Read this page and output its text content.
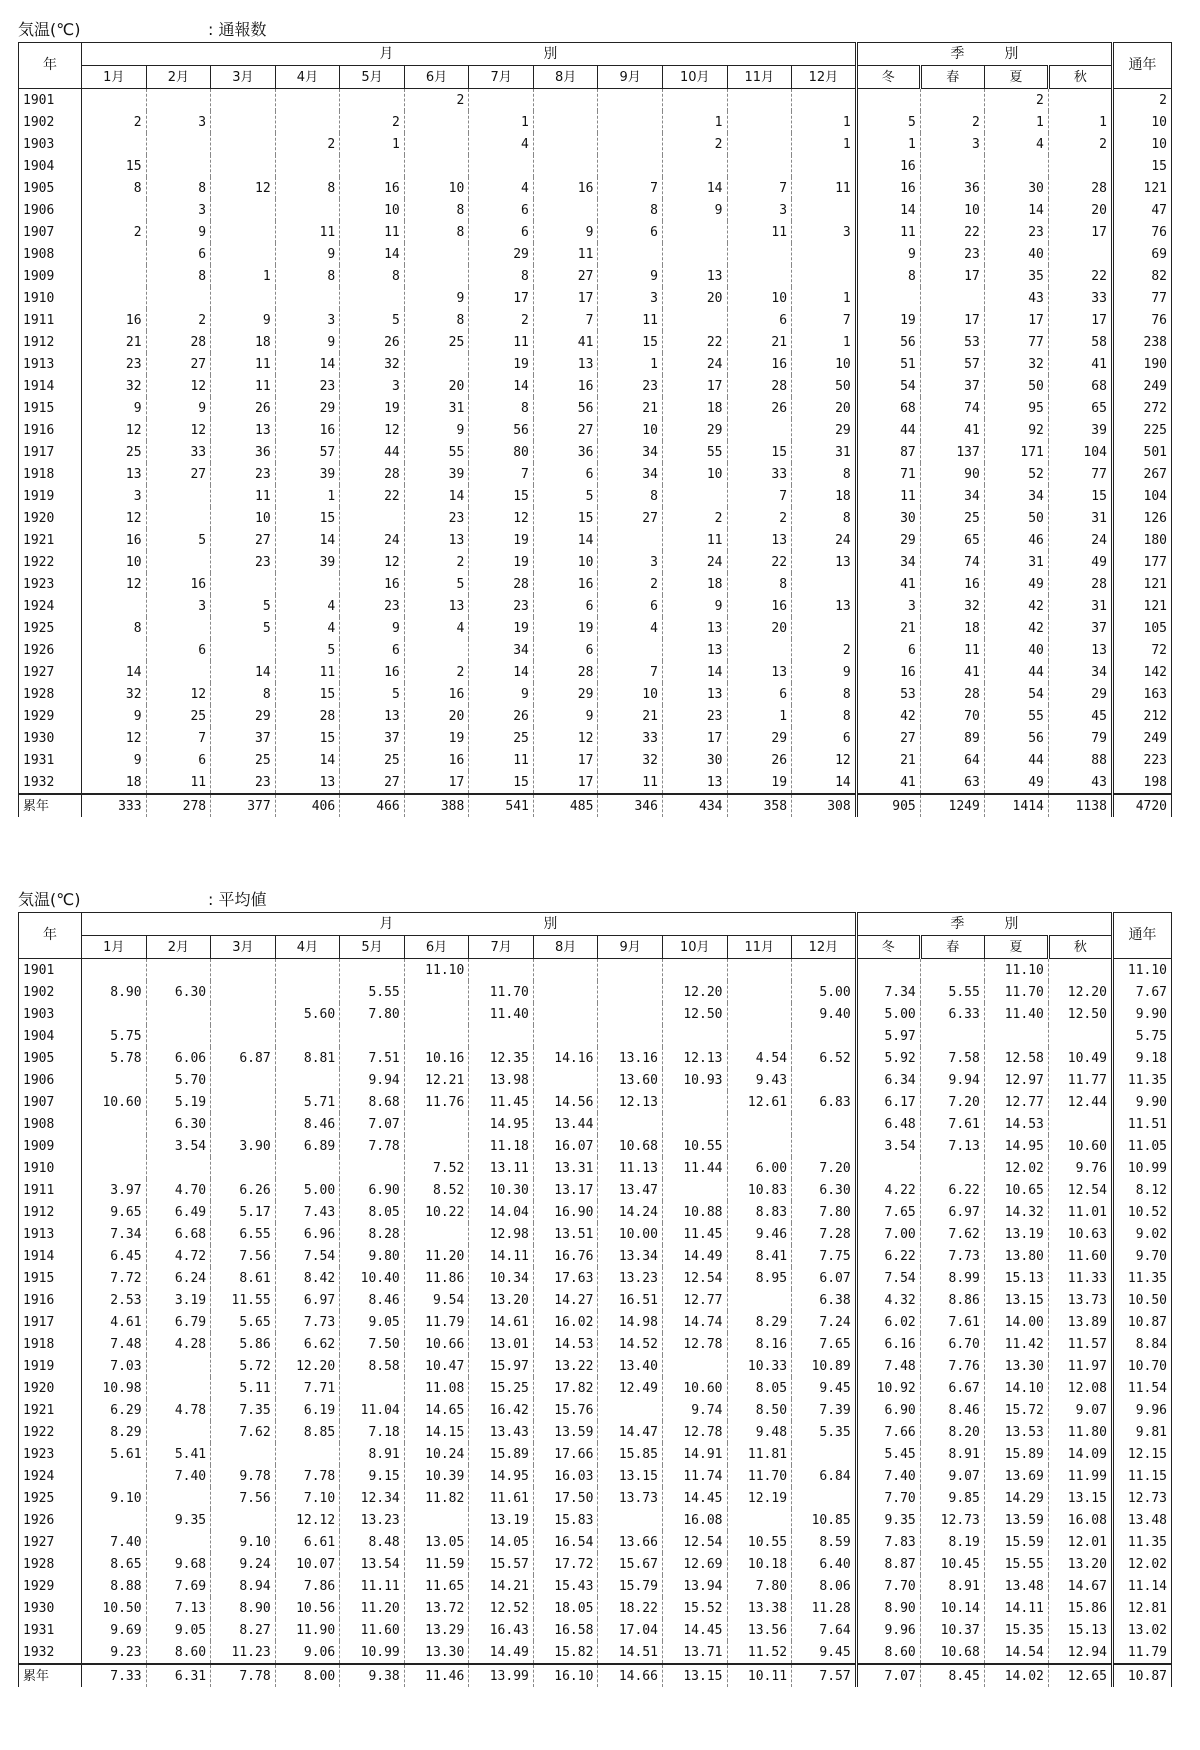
気温(℃)	: 通報数
年	月 別												季 別				通年
	1月	2月	3月	4月	5月	6月	7月	8月	9月	10月	11月	12月	冬	春	夏	秋	
1901						2									2		2
1902	2	3			2		1			1		1	5	2	1	1	10
1903				2	1		4			2		1	1	3	4	2	10
1904	15												16				15
1905	8	8	12	8	16	10	4	16	7	14	7	11	16	36	30	28	121
1906		3			10	8	6		8	9	3		14	10	14	20	47
1907	2	9		11	11	8	6	9	6		11	3	11	22	23	17	76
1908		6		9	14		29	11					9	23	40		69
1909		8	1	8	8		8	27	9	13			8	17	35	22	82
1910						9	17	17	3	20	10	1			43	33	77
1911	16	2	9	3	5	8	2	7	11		6	7	19	17	17	17	76
1912	21	28	18	9	26	25	11	41	15	22	21	1	56	53	77	58	238
1913	23	27	11	14	32		19	13	1	24	16	10	51	57	32	41	190
1914	32	12	11	23	3	20	14	16	23	17	28	50	54	37	50	68	249
1915	9	9	26	29	19	31	8	56	21	18	26	20	68	74	95	65	272
1916	12	12	13	16	12	9	56	27	10	29		29	44	41	92	39	225
1917	25	33	36	57	44	55	80	36	34	55	15	31	87	137	171	104	501
1918	13	27	23	39	28	39	7	6	34	10	33	8	71	90	52	77	267
1919	3		11	1	22	14	15	5	8		7	18	11	34	34	15	104
1920	12		10	15		23	12	15	27	2	2	8	30	25	50	31	126
1921	16	5	27	14	24	13	19	14		11	13	24	29	65	46	24	180
1922	10		23	39	12	2	19	10	3	24	22	13	34	74	31	49	177
1923	12	16			16	5	28	16	2	18	8		41	16	49	28	121
1924		3	5	4	23	13	23	6	6	9	16	13	3	32	42	31	121
1925	8		5	4	9	4	19	19	4	13	20		21	18	42	37	105
1926		6		5	6		34	6		13		2	6	11	40	13	72
1927	14		14	11	16	2	14	28	7	14	13	9	16	41	44	34	142
1928	32	12	8	15	5	16	9	29	10	13	6	8	53	28	54	29	163
1929	9	25	29	28	13	20	26	9	21	23	1	8	42	70	55	45	212
1930	12	7	37	15	37	19	25	12	33	17	29	6	27	89	56	79	249
1931	9	6	25	14	25	16	11	17	32	30	26	12	21	64	44	88	223
1932	18	11	23	13	27	17	15	17	11	13	19	14	41	63	49	43	198
累年	333	278	377	406	466	388	541	485	346	434	358	308	905	1249	1414	1138	4720
気温(℃)	: 平均値
年	月 別												季 別				通年
	1月	2月	3月	4月	5月	6月	7月	8月	9月	10月	11月	12月	冬	春	夏	秋	
1901						11.10									11.10		11.10
1902	8.90	6.30			5.55		11.70			12.20		5.00	7.34	5.55	11.70	12.20	7.67
1903				5.60	7.80		11.40			12.50		9.40	5.00	6.33	11.40	12.50	9.90
1904	5.75												5.97				5.75
1905	5.78	6.06	6.87	8.81	7.51	10.16	12.35	14.16	13.16	12.13	4.54	6.52	5.92	7.58	12.58	10.49	9.18
1906		5.70			9.94	12.21	13.98		13.60	10.93	9.43		6.34	9.94	12.97	11.77	11.35
1907	10.60	5.19		5.71	8.68	11.76	11.45	14.56	12.13		12.61	6.83	6.17	7.20	12.77	12.44	9.90
1908		6.30		8.46	7.07		14.95	13.44					6.48	7.61	14.53		11.51
1909		3.54	3.90	6.89	7.78		11.18	16.07	10.68	10.55			3.54	7.13	14.95	10.60	11.05
1910						7.52	13.11	13.31	11.13	11.44	6.00	7.20			12.02	9.76	10.99
1911	3.97	4.70	6.26	5.00	6.90	8.52	10.30	13.17	13.47		10.83	6.30	4.22	6.22	10.65	12.54	8.12
1912	9.65	6.49	5.17	7.43	8.05	10.22	14.04	16.90	14.24	10.88	8.83	7.80	7.65	6.97	14.32	11.01	10.52
1913	7.34	6.68	6.55	6.96	8.28		12.98	13.51	10.00	11.45	9.46	7.28	7.00	7.62	13.19	10.63	9.02
1914	6.45	4.72	7.56	7.54	9.80	11.20	14.11	16.76	13.34	14.49	8.41	7.75	6.22	7.73	13.80	11.60	9.70
1915	7.72	6.24	8.61	8.42	10.40	11.86	10.34	17.63	13.23	12.54	8.95	6.07	7.54	8.99	15.13	11.33	11.35
1916	2.53	3.19	11.55	6.97	8.46	9.54	13.20	14.27	16.51	12.77		6.38	4.32	8.86	13.15	13.73	10.50
1917	4.61	6.79	5.65	7.73	9.05	11.79	14.61	16.02	14.98	14.74	8.29	7.24	6.02	7.61	14.00	13.89	10.87
1918	7.48	4.28	5.86	6.62	7.50	10.66	13.01	14.53	14.52	12.78	8.16	7.65	6.16	6.70	11.42	11.57	8.84
1919	7.03		5.72	12.20	8.58	10.47	15.97	13.22	13.40		10.33	10.89	7.48	7.76	13.30	11.97	10.70
1920	10.98		5.11	7.71		11.08	15.25	17.82	12.49	10.60	8.05	9.45	10.92	6.67	14.10	12.08	11.54
1921	6.29	4.78	7.35	6.19	11.04	14.65	16.42	15.76		9.74	8.50	7.39	6.90	8.46	15.72	9.07	9.96
1922	8.29		7.62	8.85	7.18	14.15	13.43	13.59	14.47	12.78	9.48	5.35	7.66	8.20	13.53	11.80	9.81
1923	5.61	5.41			8.91	10.24	15.89	17.66	15.85	14.91	11.81		5.45	8.91	15.89	14.09	12.15
1924		7.40	9.78	7.78	9.15	10.39	14.95	16.03	13.15	11.74	11.70	6.84	7.40	9.07	13.69	11.99	11.15
1925	9.10		7.56	7.10	12.34	11.82	11.61	17.50	13.73	14.45	12.19		7.70	9.85	14.29	13.15	12.73
1926		9.35		12.12	13.23		13.19	15.83		16.08		10.85	9.35	12.73	13.59	16.08	13.48
1927	7.40		9.10	6.61	8.48	13.05	14.05	16.54	13.66	12.54	10.55	8.59	7.83	8.19	15.59	12.01	11.35
1928	8.65	9.68	9.24	10.07	13.54	11.59	15.57	17.72	15.67	12.69	10.18	6.40	8.87	10.45	15.55	13.20	12.02
1929	8.88	7.69	8.94	7.86	11.11	11.65	14.21	15.43	15.79	13.94	7.80	8.06	7.70	8.91	13.48	14.67	11.14
1930	10.50	7.13	8.90	10.56	11.20	13.72	12.52	18.05	18.22	15.52	13.38	11.28	8.90	10.14	14.11	15.86	12.81
1931	9.69	9.05	8.27	11.90	11.60	13.29	16.43	16.58	17.04	14.45	13.56	7.64	9.96	10.37	15.35	15.13	13.02
1932	9.23	8.60	11.23	9.06	10.99	13.30	14.49	15.82	14.51	13.71	11.52	9.45	8.60	10.68	14.54	12.94	11.79
累年	7.33	6.31	7.78	8.00	9.38	11.46	13.99	16.10	14.66	13.15	10.11	7.57	7.07	8.45	14.02	12.65	10.87
